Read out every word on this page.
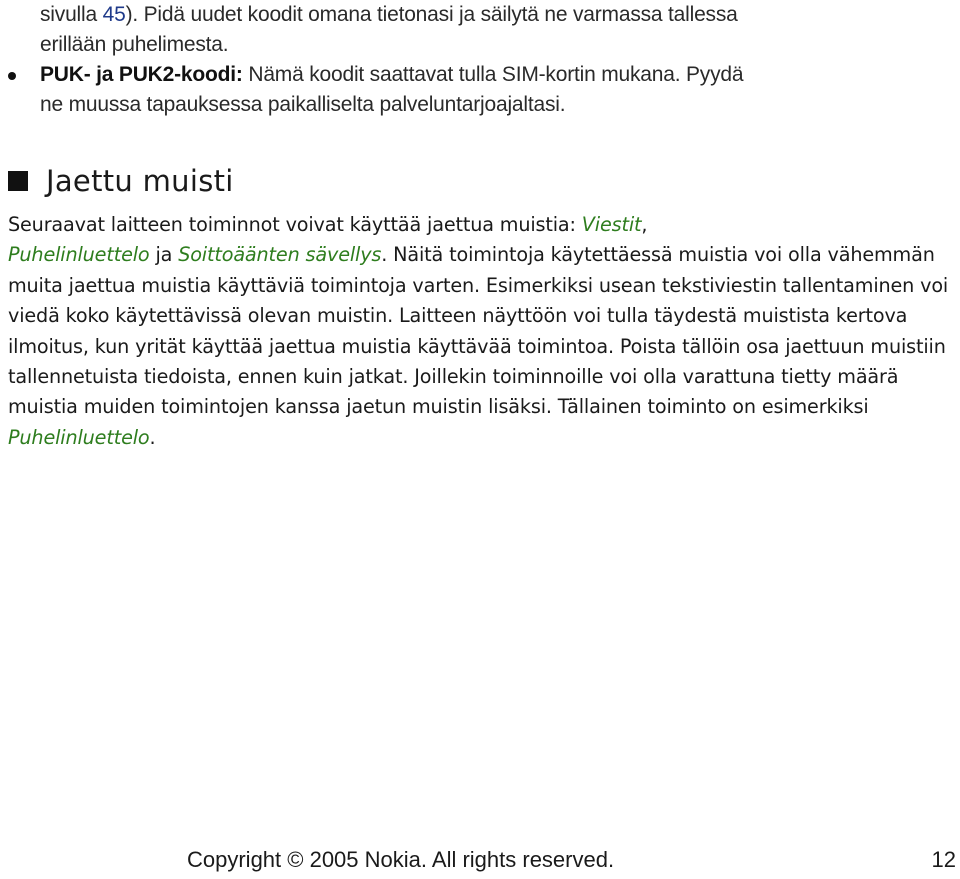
sivulla 45). Pidä uudet koodit omana tietonasi ja säilytä ne varmassa tallessa
erillään puhelimesta.
PUK- ja PUK2-koodi: Nämä koodit saattavat tulla SIM-kortin mukana. Pyydä
ne muussa tapauksessa paikalliselta palveluntarjoajaltasi.
Jaettu muisti
Seuraavat laitteen toiminnot voivat käyttää jaettua muistia: Viestit,
Puhelinluettelo ja Soittoäänten sävellys. Näitä toimintoja käytettäessä muistia voi olla vähemmän muita jaettua muistia käyttäviä toimintoja varten. Esimerkiksi usean tekstiviestin tallentaminen voi viedä koko käytettävissä olevan muistin. Laitteen näyttöön voi tulla täydestä muistista kertova ilmoitus, kun yrität käyttää jaettua muistia käyttävää toimintoa. Poista tällöin osa jaettuun muistiin tallennetuista tiedoista, ennen kuin jatkat. Joillekin toiminnoille voi olla varattuna tietty määrä muistia muiden toimintojen kanssa jaetun muistin lisäksi. Tällainen toiminto on esimerkiksi Puhelinluettelo.
Copyright © 2005 Nokia. All rights reserved.	12
